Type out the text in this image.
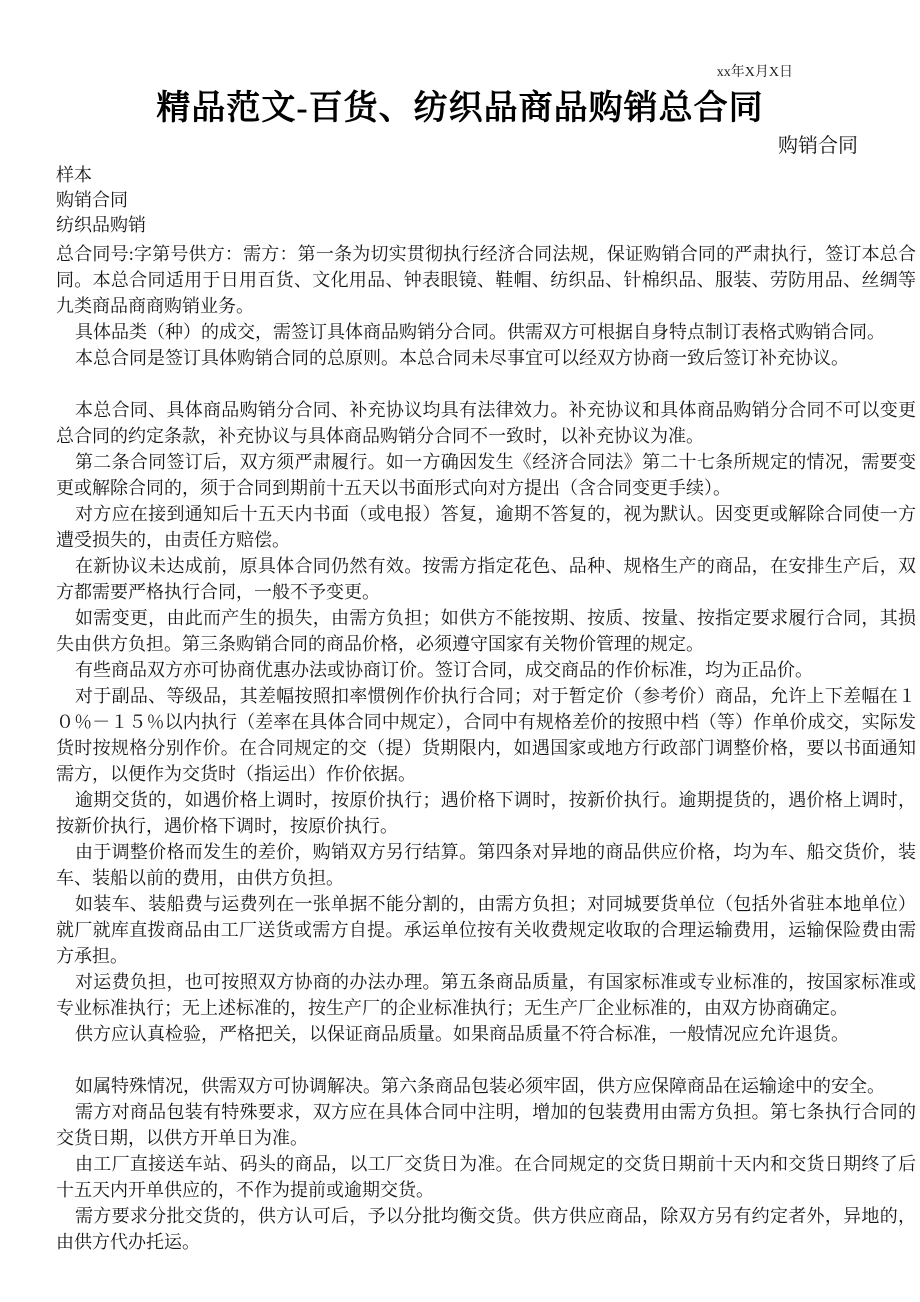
xx年X月X日
精品范文-百货、纺织品商品购销总合同
购销合同
样本
购销合同
纺织品购销

总合同号:字第号供方：需方：第一条为切实贯彻执行经济合同法规，保证购销合同的严肃执行，签订本总合同。本总合同适用于日用百货、文化用品、钟表眼镜、鞋帽、纺织品、针棉织品、服装、劳防用品、丝绸等九类商品商商购销业务。

具体品类（种）的成交，需签订具体商品购销分合同。供需双方可根据自身特点制订表格式购销合同。

本总合同是签订具体购销合同的总原则。本总合同未尽事宜可以经双方协商一致后签订补充协议。

本总合同、具体商品购销分合同、补充协议均具有法律效力。补充协议和具体商品购销分合同不可以变更总合同的约定条款，补充协议与具体商品购销分合同不一致时，以补充协议为准。

第二条合同签订后，双方须严肃履行。如一方确因发生《经济合同法》第二十七条所规定的情况，需要变更或解除合同的，须于合同到期前十五天以书面形式向对方提出（含合同变更手续）。

对方应在接到通知后十五天内书面（或电报）答复，逾期不答复的，视为默认。因变更或解除合同使一方遭受损失的，由责任方赔偿。

在新协议未达成前，原具体合同仍然有效。按需方指定花色、品种、规格生产的商品，在安排生产后，双方都需要严格执行合同，一般不予变更。

如需变更，由此而产生的损失，由需方负担；如供方不能按期、按质、按量、按指定要求履行合同，其损失由供方负担。第三条购销合同的商品价格，必须遵守国家有关物价管理的规定。

有些商品双方亦可协商优惠办法或协商订价。签订合同，成交商品的作价标准，均为正品价。

对于副品、等级品，其差幅按照扣率惯例作价执行合同；对于暂定价（参考价）商品，允许上下差幅在１０％－１５％以内执行（差率在具体合同中规定），合同中有规格差价的按照中档（等）作单价成交，实际发货时按规格分别作价。在合同规定的交（提）货期限内，如遇国家或地方行政部门调整价格，要以书面通知需方，以便作为交货时（指运出）作价依据。

逾期交货的，如遇价格上调时，按原价执行；遇价格下调时，按新价执行。逾期提货的，遇价格上调时，按新价执行，遇价格下调时，按原价执行。

由于调整价格而发生的差价，购销双方另行结算。第四条对异地的商品供应价格，均为车、船交货价，装车、装船以前的费用，由供方负担。

如装车、装船费与运费列在一张单据不能分割的，由需方负担；对同城要货单位（包括外省驻本地单位）就厂就库直拨商品由工厂送货或需方自提。承运单位按有关收费规定收取的合理运输费用，运输保险费由需方承担。

对运费负担，也可按照双方协商的办法办理。第五条商品质量，有国家标准或专业标准的，按国家标准或专业标准执行；无上述标准的，按生产厂的企业标准执行；无生产厂企业标准的，由双方协商确定。

供方应认真检验，严格把关，以保证商品质量。如果商品质量不符合标准，一般情况应允许退货。

如属特殊情况，供需双方可协调解决。第六条商品包装必须牢固，供方应保障商品在运输途中的安全。

需方对商品包装有特殊要求，双方应在具体合同中注明，增加的包装费用由需方负担。第七条执行合同的交货日期，以供方开单日为准。

由工厂直接送车站、码头的商品，以工厂交货日为准。在合同规定的交货日期前十天内和交货日期终了后十五天内开单供应的，不作为提前或逾期交货。

需方要求分批交货的，供方认可后，予以分批均衡交货。供方供应商品，除双方另有约定者外，异地的，由供方代办托运。
